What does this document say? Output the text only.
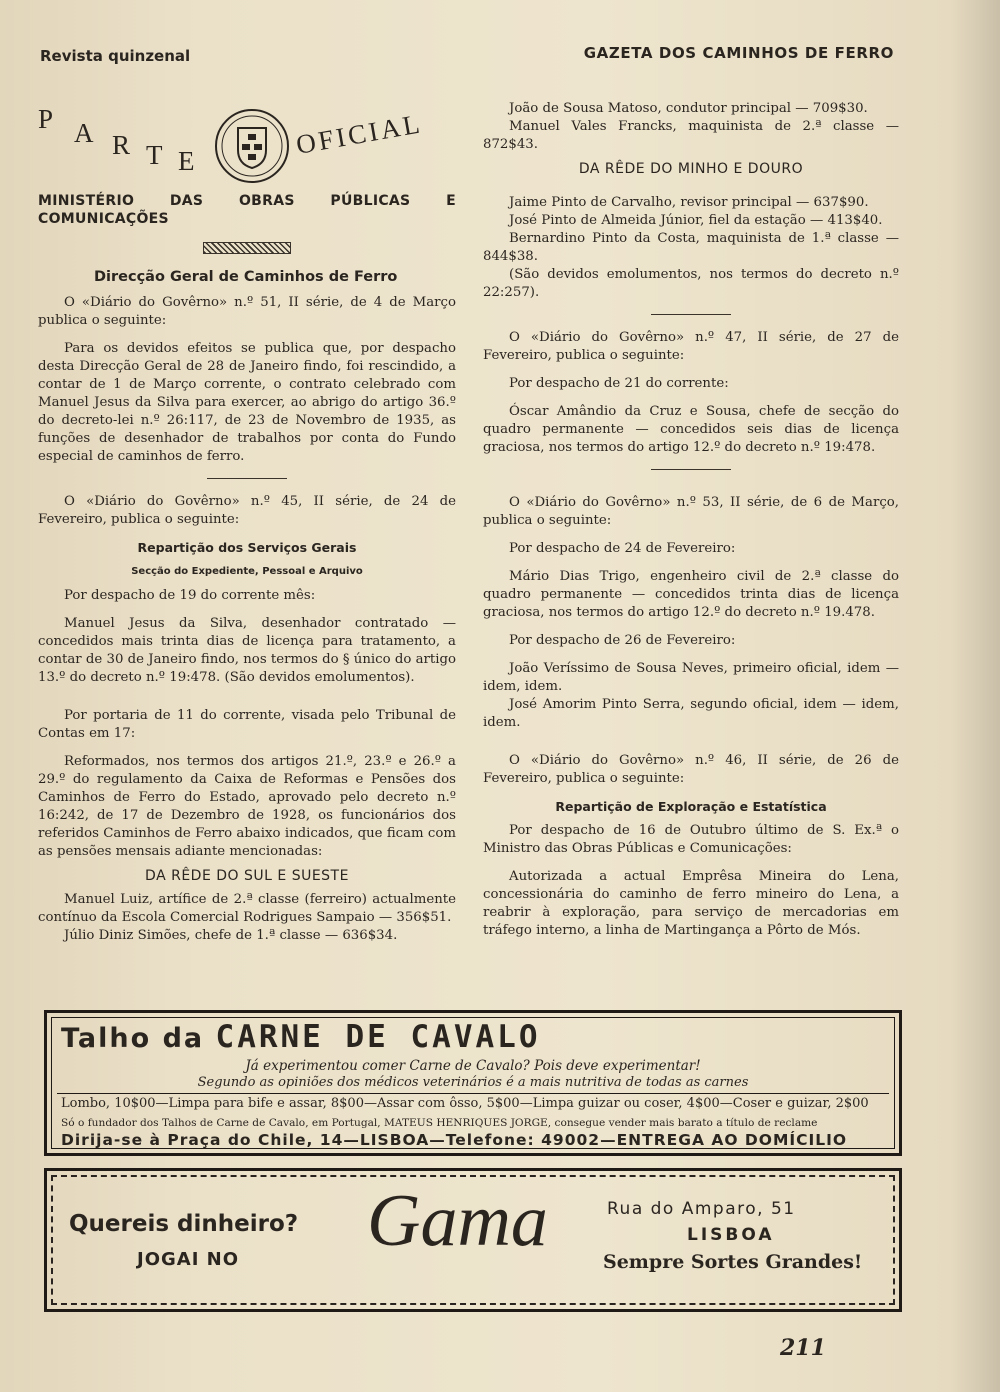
Revista quinzenal	GAZETA DOS CAMINHOS DE FERRO
P A R T E
OFICIAL

MINISTÉRIO DAS OBRAS PÚBLICAS E COMUNICAÇÕES

Direcção Geral de Caminhos de Ferro

O «Diário do Govêrno» n.º 51, II série, de 4 de Março publica o seguinte:

Para os devidos efeitos se publica que, por despacho desta Direcção Geral de 28 de Janeiro findo, foi rescindido, a contar de 1 de Março corrente, o contrato celebrado com Manuel Jesus da Silva para exercer, ao abrigo do artigo 36.º do decreto-lei n.º 26:117, de 23 de Novembro de 1935, as funções de desenhador de trabalhos por conta do Fundo especial de caminhos de ferro.

O «Diário do Govêrno» n.º 45, II série, de 24 de Fevereiro, publica o seguinte:

Repartição dos Serviços Gerais
Secção do Expediente, Pessoal e Arquivo

Por despacho de 19 do corrente mês:

Manuel Jesus da Silva, desenhador contratado — concedidos mais trinta dias de licença para tratamento, a contar de 30 de Janeiro findo, nos termos do § único do artigo 13.º do decreto n.º 19:478. (São devidos emolumentos).

Por portaria de 11 do corrente, visada pelo Tribunal de Contas em 17:

Reformados, nos termos dos artigos 21.º, 23.º e 26.º a 29.º do regulamento da Caixa de Reformas e Pensões dos Caminhos de Ferro do Estado, aprovado pelo decreto n.º 16:242, de 17 de Dezembro de 1928, os funcionários dos referidos Caminhos de Ferro abaixo indicados, que ficam com as pensões mensais adiante mencionadas:

DA RÊDE DO SUL E SUESTE

Manuel Luiz, artífice de 2.ª classe (ferreiro) actualmente contínuo da Escola Comercial Rodrigues Sampaio — 356$51.

Júlio Diniz Simões, chefe de 1.ª classe — 636$34.

João de Sousa Matoso, condutor principal — 709$30.

Manuel Vales Francks, maquinista de 2.ª classe — 872$43.

DA RÊDE DO MINHO E DOURO

Jaime Pinto de Carvalho, revisor principal — 637$90.

José Pinto de Almeida Júnior, fiel da estação — 413$40.

Bernardino Pinto da Costa, maquinista de 1.ª classe — 844$38.

(São devidos emolumentos, nos termos do decreto n.º 22:257).

O «Diário do Govêrno» n.º 47, II série, de 27 de Fevereiro, publica o seguinte:

Por despacho de 21 do corrente:

Óscar Amândio da Cruz e Sousa, chefe de secção do quadro permanente — concedidos seis dias de licença graciosa, nos termos do artigo 12.º do decreto n.º 19:478.

O «Diário do Govêrno» n.º 53, II série, de 6 de Março, publica o seguinte:

Por despacho de 24 de Fevereiro:

Mário Dias Trigo, engenheiro civil de 2.ª classe do quadro permanente — concedidos trinta dias de licença graciosa, nos termos do artigo 12.º do decreto n.º 19.478.

Por despacho de 26 de Fevereiro:

João Veríssimo de Sousa Neves, primeiro oficial, idem — idem, idem.

José Amorim Pinto Serra, segundo oficial, idem — idem, idem.

O «Diário do Govêrno» n.º 46, II série, de 26 de Fevereiro, publica o seguinte:

Repartição de Exploração e Estatística

Por despacho de 16 de Outubro último de S. Ex.ª o Ministro das Obras Públicas e Comunicações:

Autorizada a actual Emprêsa Mineira do Lena, concessionária do caminho de ferro mineiro do Lena, a reabrir à exploração, para serviço de mercadorias em tráfego interno, a linha de Martingança a Pôrto de Mós.

Talho da CARNE DE CAVALO
Já experimentou comer Carne de Cavalo? Pois deve experimentar!
Segundo as opiniões dos médicos veterinários é a mais nutritiva de todas as carnes
Lombo, 10$00—Limpa para bife e assar, 8$00—Assar com ôsso, 5$00—Limpa guizar ou coser, 4$00—Coser e guizar, 2$00
Só o fundador dos Talhos de Carne de Cavalo, em Portugal, MATEUS HENRIQUES JORGE, consegue vender mais barato a título de reclame
Dirija-se à Praça do Chile, 14—LISBOA—Telefone: 49002—ENTREGA AO DOMÍCILIO
Quereis dinheiro?
JOGAI NO Gama	Rua do Amparo, 51
LISBOA
Sempre Sortes Grandes!
211
